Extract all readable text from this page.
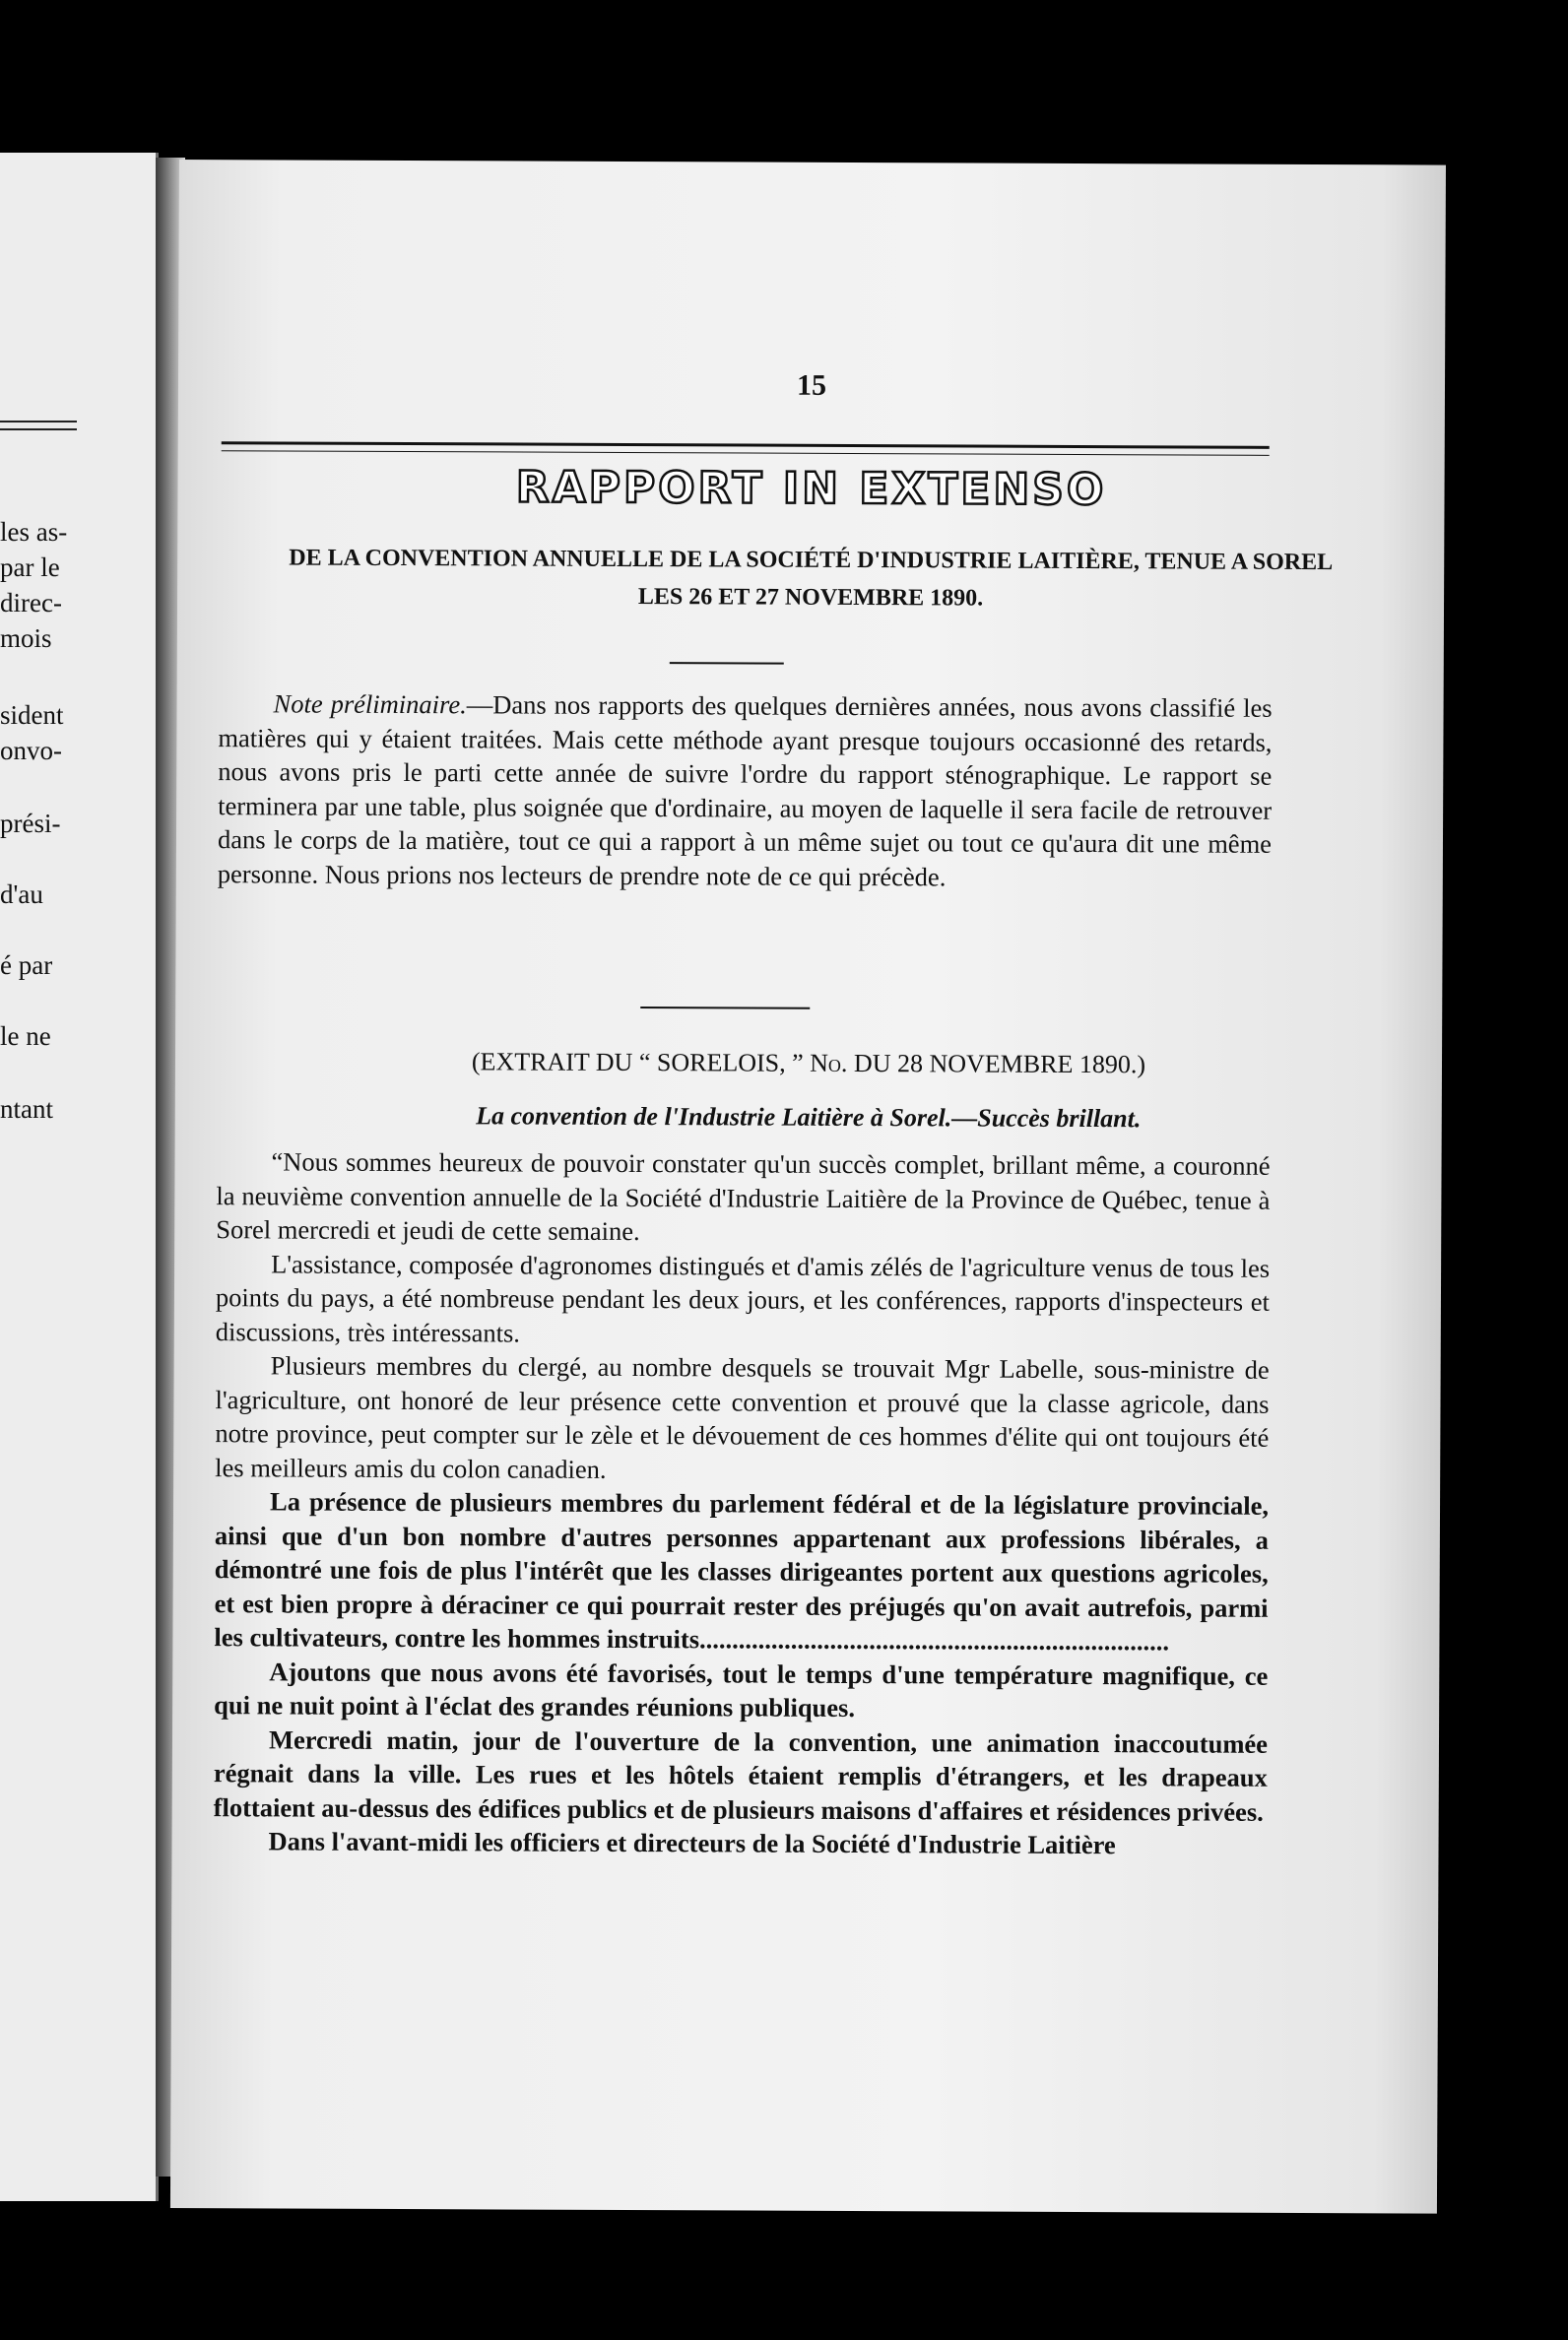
les as-
par le
direc-
mois
sident
onvo-
prési-
d'au
é par
le ne
ntant
15
RAPPORT IN EXTENSO
DE LA CONVENTION ANNUELLE DE LA SOCIÉTÉ D'INDUSTRIE LAITIÈRE, TENUE A SOREL
LES 26 ET 27 NOVEMBRE 1890.

Note préliminaire.—Dans nos rapports des quelques dernières années, nous avons classifié les matières qui y étaient traitées. Mais cette méthode ayant presque toujours occasionné des retards, nous avons pris le parti cette année de suivre l'ordre du rapport sténographique. Le rapport se terminera par une table, plus soignée que d'ordinaire, au moyen de laquelle il sera facile de retrouver dans le corps de la matière, tout ce qui a rapport à un même sujet ou tout ce qu'aura dit une même personne. Nous prions nos lecteurs de prendre note de ce qui précède.

(EXTRAIT DU “ SORELOIS, ” No. DU 28 NOVEMBRE 1890.)
La convention de l'Industrie Laitière à Sorel.—Succès brillant.

“Nous sommes heureux de pouvoir constater qu'un succès complet, brillant même, a couronné la neuvième convention annuelle de la Société d'Industrie Laitière de la Province de Québec, tenue à Sorel mercredi et jeudi de cette semaine.

L'assistance, composée d'agronomes distingués et d'amis zélés de l'agriculture venus de tous les points du pays, a été nombreuse pendant les deux jours, et les conférences, rapports d'inspecteurs et discussions, très intéressants.

Plusieurs membres du clergé, au nombre desquels se trouvait Mgr Labelle, sous-ministre de l'agriculture, ont honoré de leur présence cette convention et prouvé que la classe agricole, dans notre province, peut compter sur le zèle et le dévouement de ces hommes d'élite qui ont toujours été les meilleurs amis du colon canadien.

La présence de plusieurs membres du parlement fédéral et de la législature provinciale, ainsi que d'un bon nombre d'autres personnes appartenant aux professions libérales, a démontré une fois de plus l'intérêt que les classes dirigeantes portent aux questions agricoles, et est bien propre à déraciner ce qui pourrait rester des préjugés qu'on avait autrefois, parmi les cultivateurs, contre les hommes instruits........................................................................

Ajoutons que nous avons été favorisés, tout le temps d'une température magnifique, ce qui ne nuit point à l'éclat des grandes réunions publiques.

Mercredi matin, jour de l'ouverture de la convention, une animation inaccoutumée régnait dans la ville. Les rues et les hôtels étaient remplis d'étrangers, et les drapeaux flottaient au-dessus des édifices publics et de plusieurs maisons d'affaires et résidences privées.

Dans l'avant-midi les officiers et directeurs de la Société d'Industrie Laitière
